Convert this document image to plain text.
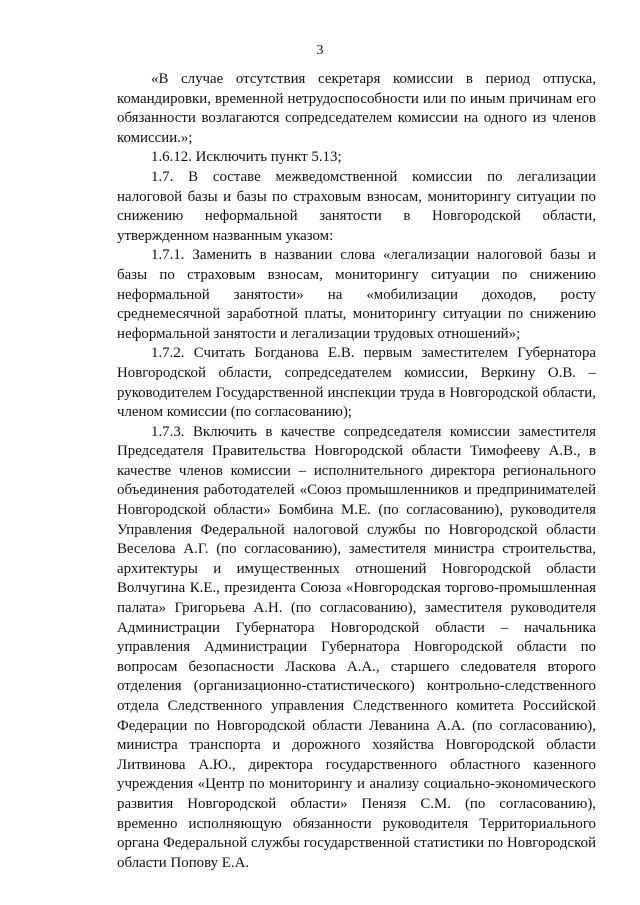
3

«В случае отсутствия секретаря комиссии в период отпуска, командировки, временной нетрудоспособности или по иным причинам его обязанности возлагаются сопредседателем комиссии на одного из членов комиссии.»;

1.6.12. Исключить пункт 5.13;

1.7. В составе межведомственной комиссии по легализации налоговой базы и базы по страховым взносам, мониторингу ситуации по снижению неформальной занятости в Новгородской области, утвержденном названным указом:

1.7.1. Заменить в названии слова «легализации налоговой базы и базы по страховым взносам, мониторингу ситуации по снижению неформальной занятости» на «мобилизации доходов, росту среднемесячной заработной платы, мониторингу ситуации по снижению неформальной занятости и легализации трудовых отношений»;

1.7.2. Считать Богданова Е.В. первым заместителем Губернатора Новгородской области, сопредседателем комиссии, Веркину О.В. – руководителем Государственной инспекции труда в Новгородской области, членом комиссии (по согласованию);

1.7.3. Включить в качестве сопредседателя комиссии заместителя Председателя Правительства Новгородской области Тимофееву А.В., в качестве членов комиссии – исполнительного директора регионального объединения работодателей «Союз промышленников и предпринимателей Новгородской области» Бомбина М.Е. (по согласованию), руководителя Управления Федеральной налоговой службы по Новгородской области Веселова А.Г. (по согласованию), заместителя министра строительства, архитектуры и имущественных отношений Новгородской области Волчугина К.Е., президента Союза «Новгородская торгово-промышленная палата» Григорьева А.Н. (по согласованию), заместителя руководителя Администрации Губернатора Новгородской области – начальника управления Администрации Губернатора Новгородской области по вопросам безопасности Ласкова А.А., старшего следователя второго отделения (организационно-статистического) контрольно-следственного отдела Следственного управления Следственного комитета Российской Федерации по Новгородской области Леванина А.А. (по согласованию), министра транспорта и дорожного хозяйства Новгородской области Литвинова А.Ю., директора государственного областного казенного учреждения «Центр по мониторингу и анализу социально-экономического развития Новгородской области» Пенязя С.М. (по согласованию), временно исполняющую обязанности руководителя Территориального органа Федеральной службы государственной статистики по Новгородской области Попову Е.А.
